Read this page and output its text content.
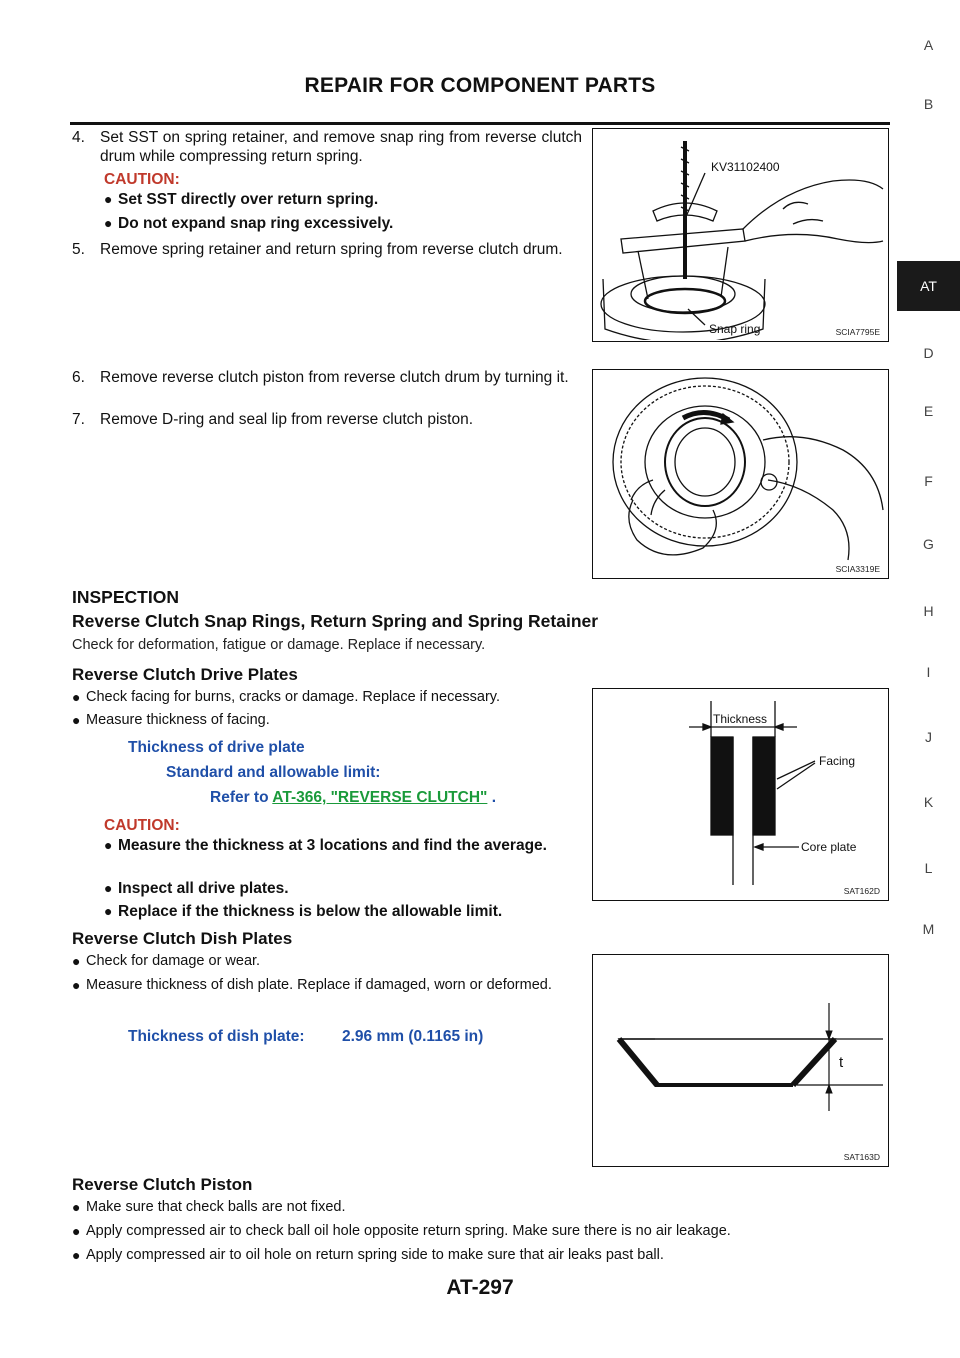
REPAIR FOR COMPONENT PARTS
A
B
AT
D
E
F
G
H
I
J
K
L
M
4. Set SST on spring retainer, and remove snap ring from reverse clutch drum while compressing return spring.
CAUTION:
● Set SST directly over return spring.
● Do not expand snap ring excessively.
5. Remove spring retainer and return spring from reverse clutch drum.
KV31102400
Snap ring	SCIA7795E
6. Remove reverse clutch piston from reverse clutch drum by turning it.
7. Remove D-ring and seal lip from reverse clutch piston.
SCIA3319E
INSPECTION
Reverse Clutch Snap Rings, Return Spring and Spring Retainer
Check for deformation, fatigue or damage. Replace if necessary.
Reverse Clutch Drive Plates
● Check facing for burns, cracks or damage. Replace if necessary.
● Measure thickness of facing.
Thickness of drive plate
Standard and allowable limit:
Refer to AT-366, "REVERSE CLUTCH" .
CAUTION:
● Measure the thickness at 3 locations and find the average.
● Inspect all drive plates.
● Replace if the thickness is below the allowable limit.
Thickness
Facing
Core plate
SAT162D
Reverse Clutch Dish Plates
● Check for damage or wear.
● Measure thickness of dish plate. Replace if damaged, worn or deformed.
Thickness of dish plate: 2.96 mm (0.1165 in)
t
SAT163D
Reverse Clutch Piston
● Make sure that check balls are not fixed.
● Apply compressed air to check ball oil hole opposite return spring. Make sure there is no air leakage.
● Apply compressed air to oil hole on return spring side to make sure that air leaks past ball.
AT-297
